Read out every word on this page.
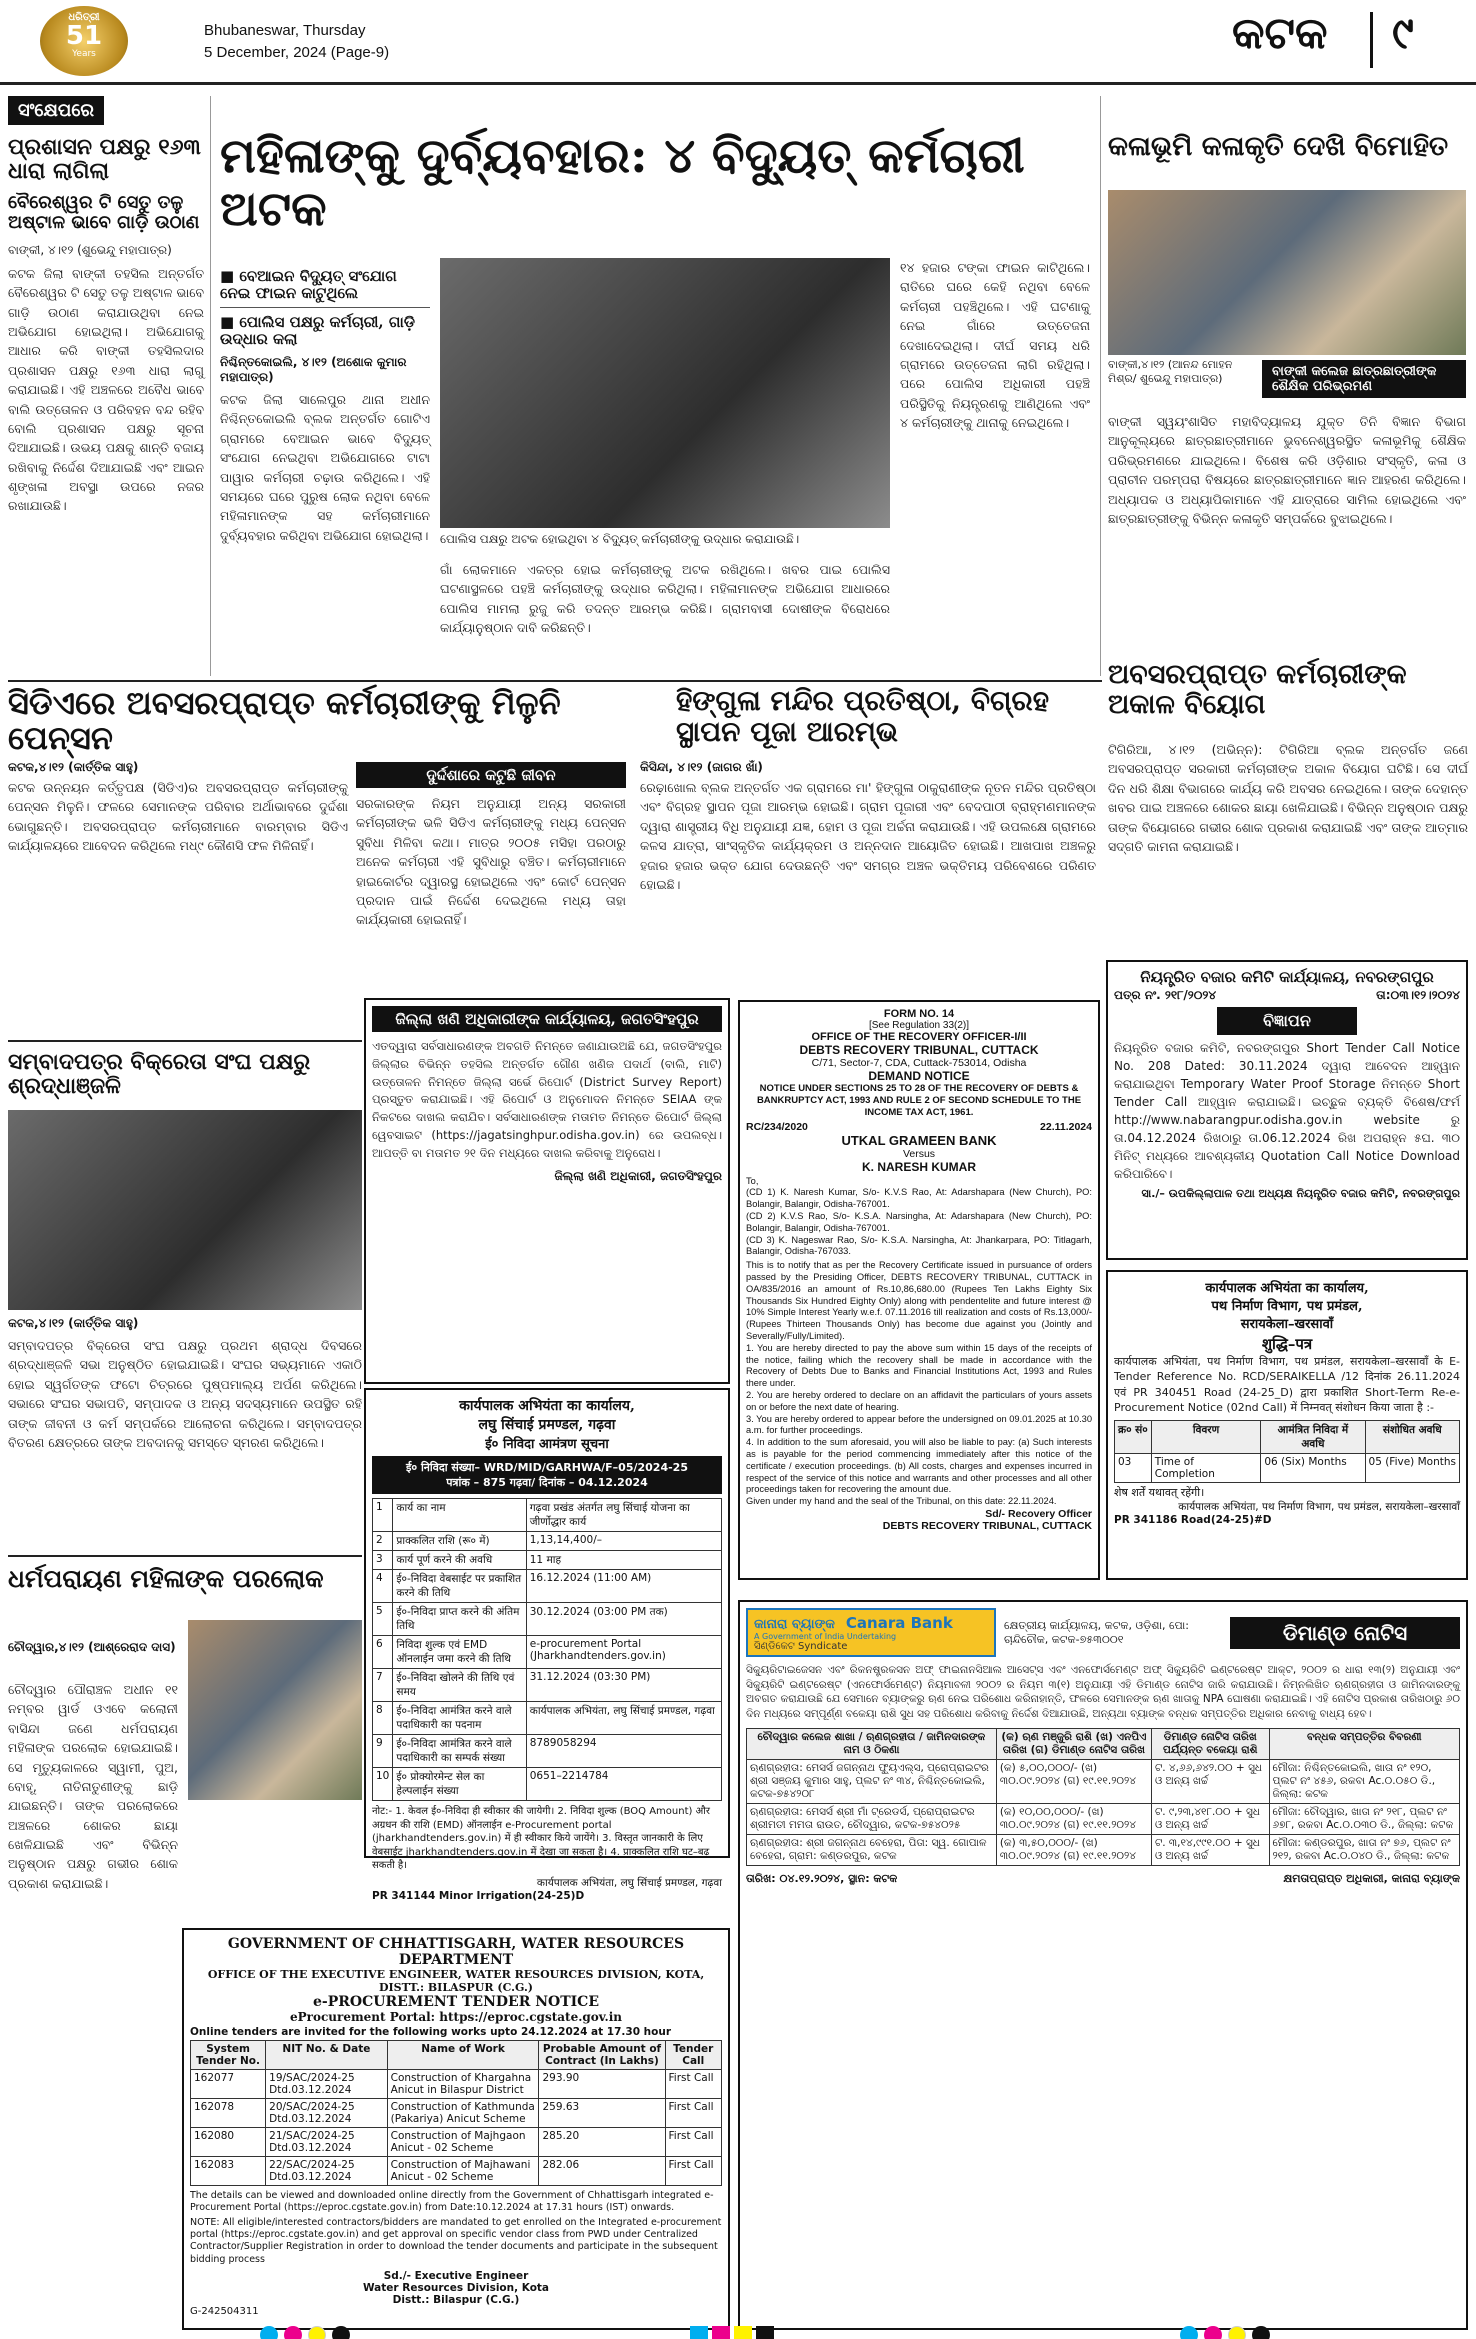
ଧରିତ୍ରୀ
51
Years
Bhubaneswar, Thursday
5 December, 2024 (Page-9)	କଟକ ୯
ସଂକ୍ଷେପରେ
ପ୍ରଶାସନ ପକ୍ଷରୁ ୧୬୩ ଧାରା ଲାଗିଲା
ବୈରେଶ୍ୱର ଟି ସେତୁ ତଳୁ ଅଷ୍ଟାଳ ଭାବେ ଗାଡ଼ି ଉଠାଣ
ବାଙ୍କୀ, ୪।୧୨ (ଶୁଭେନ୍ଦୁ ମହାପାତ୍ର)
କଟକ ଜିଲା ବାଙ୍କୀ ତହସିଲ ଅନ୍ତର୍ଗତ ବୈରେଶ୍ୱର ଟି ସେତୁ ତଳୁ ଅଷ୍ଟାଳ ଭାବେ ଗାଡ଼ି ଉଠାଣ କରାଯାଉଥିବା ନେଇ ଅଭିଯୋଗ ହୋଇଥିଲା। ଅଭିଯୋଗକୁ ଆଧାର କରି ବାଙ୍କୀ ତହସିଲଦାର ପ୍ରଶାସନ ପକ୍ଷରୁ ୧୬୩ ଧାରା ଲାଗୁ କରାଯାଇଛି। ଏହି ଅଞ୍ଚଳରେ ଅବୈଧ ଭାବେ ବାଲି ଉତ୍ତୋଳନ ଓ ପରିବହନ ବନ୍ଦ ରହିବ ବୋଲି ପ୍ରଶାସନ ପକ୍ଷରୁ ସୂଚନା ଦିଆଯାଇଛି। ଉଭୟ ପକ୍ଷକୁ ଶାନ୍ତି ବଜାୟ ରଖିବାକୁ ନିର୍ଦ୍ଦେଶ ଦିଆଯାଇଛି ଏବଂ ଆଇନ ଶୃଙ୍ଖଳା ଅବସ୍ଥା ଉପରେ ନଜର ରଖାଯାଉଛି।
ମହିଳାଙ୍କୁ ଦୁର୍ବ୍ୟବହାର: ୪ ବିଦ୍ୟୁତ୍ କର୍ମଚାରୀ ଅଟକ
■ ବେଆଇନ ବିଦ୍ୟୁତ୍ ସଂଯୋଗ ନେଇ ଫାଇନ କାଟୁଥିଲେ
■ ପୋଲିସ ପକ୍ଷରୁ କର୍ମଚାରୀ, ଗାଡ଼ି ଉଦ୍ଧାର କଲା
ନିଶ୍ଚିନ୍ତକୋଇଲି, ୪।୧୨ (ଅଶୋକ କୁମାର ମହାପାତ୍ର)
ପୋଲିସ ପକ୍ଷରୁ ଅଟକ ହୋଇଥିବା ୪ ବିଦ୍ୟୁତ୍ କର୍ମଚାରୀଙ୍କୁ ଉଦ୍ଧାର କରାଯାଉଛି।
କଟକ ଜିଲା ସାଲେପୁର ଥାନା ଅଧୀନ ନିଶ୍ଚିନ୍ତକୋଇଲି ବ୍ଲକ ଅନ୍ତର୍ଗତ ଗୋଟିଏ ଗ୍ରାମରେ ବେଆଇନ ଭାବେ ବିଦ୍ୟୁତ୍ ସଂଯୋଗ ନେଇଥିବା ଅଭିଯୋଗରେ ଟାଟା ପାୱାର କର୍ମଚାରୀ ଚଢ଼ାଉ କରିଥିଲେ। ଏହି ସମୟରେ ଘରେ ପୁରୁଷ ଲୋକ ନଥିବା ବେଳେ ମହିଳାମାନଙ୍କ ସହ କର୍ମଚାରୀମାନେ ଦୁର୍ବ୍ୟବହାର କରିଥିବା ଅଭିଯୋଗ ହୋଇଥିଲା।
ଗାଁ ଲୋକମାନେ ଏକତ୍ର ହୋଇ କର୍ମଚାରୀଙ୍କୁ ଅଟକ ରଖିଥିଲେ। ଖବର ପାଇ ପୋଲିସ ଘଟଣାସ୍ଥଳରେ ପହଞ୍ଚି କର୍ମଚାରୀଙ୍କୁ ଉଦ୍ଧାର କରିଥିଲା। ମହିଳାମାନଙ୍କ ଅଭିଯୋଗ ଆଧାରରେ ପୋଲିସ ମାମଲା ରୁଜୁ କରି ତଦନ୍ତ ଆରମ୍ଭ କରିଛି। ଗ୍ରାମବାସୀ ଦୋଷୀଙ୍କ ବିରୋଧରେ କାର୍ଯ୍ୟାନୁଷ୍ଠାନ ଦାବି କରିଛନ୍ତି।
୧୪ ହଜାର ଟଙ୍କା ଫାଇନ କାଟିଥିଲେ। ରାତିରେ ଘରେ କେହି ନଥିବା ବେଳେ କର୍ମଚାରୀ ପହଞ୍ଚିଥିଲେ। ଏହି ଘଟଣାକୁ ନେଇ ଗାଁରେ ଉତ୍ତେଜନା ଦେଖାଦେଇଥିଲା। ଦୀର୍ଘ ସମୟ ଧରି ଗ୍ରାମରେ ଉତ୍ତେଜନା ଲାଗି ରହିଥିଲା। ପରେ ପୋଲିସ ଅଧିକାରୀ ପହଞ୍ଚି ପରିସ୍ଥିତିକୁ ନିୟନ୍ତ୍ରଣକୁ ଆଣିଥିଲେ ଏବଂ ୪ କର୍ମଚାରୀଙ୍କୁ ଥାନାକୁ ନେଇଥିଲେ।
କଳାଭୂମି କଳାକୃତି ଦେଖି ବିମୋହିତ
ବାଙ୍କୀ,୪।୧୨ (ଆନନ୍ଦ ମୋହନ ମିଶ୍ର/ ଶୁଭେନ୍ଦୁ ମହାପାତ୍ର)	ବାଙ୍କୀ କଲେଜ ଛାତ୍ରଛାତ୍ରୀଙ୍କ ଶୈକ୍ଷିକ ପରିଭ୍ରମଣ
ବାଙ୍କୀ ସ୍ୱୟଂଶାସିତ ମହାବିଦ୍ୟାଳୟ ଯୁକ୍ତ ତିନି ବିଜ୍ଞାନ ବିଭାଗ ଆନୁକୂଲ୍ୟରେ ଛାତ୍ରଛାତ୍ରୀମାନେ ଭୁବନେଶ୍ୱରସ୍ଥିତ କଳାଭୂମିକୁ ଶୈକ୍ଷିକ ପରିଭ୍ରମଣରେ ଯାଇଥିଲେ। ବିଶେଷ କରି ଓଡ଼ିଶାର ସଂସ୍କୃତି, କଳା ଓ ପ୍ରାଚୀନ ପରମ୍ପରା ବିଷୟରେ ଛାତ୍ରଛାତ୍ରୀମାନେ ଜ୍ଞାନ ଆହରଣ କରିଥିଲେ। ଅଧ୍ୟାପକ ଓ ଅଧ୍ୟାପିକାମାନେ ଏହି ଯାତ୍ରାରେ ସାମିଲ ହୋଇଥିଲେ ଏବଂ ଛାତ୍ରଛାତ୍ରୀଙ୍କୁ ବିଭିନ୍ନ କଳାକୃତି ସମ୍ପର୍କରେ ବୁଝାଇଥିଲେ।
ସିଡିଏରେ ଅବସରପ୍ରାପ୍ତ କର୍ମଚାରୀଙ୍କୁ ମିଳୁନି ପେନ୍‌ସନ
କଟକ,୪।୧୨ (କାର୍ତ୍ତିକ ସାହୁ)
କଟକ ଉନ୍ନୟନ କର୍ତ୍ତୃପକ୍ଷ (ସିଡିଏ)ର ଅବସରପ୍ରାପ୍ତ କର୍ମଚାରୀଙ୍କୁ ପେନ୍‌ସନ ମିଳୁନି। ଫଳରେ ସେମାନଙ୍କ ପରିବାର ଅର୍ଥାଭାବରେ ଦୁର୍ଦ୍ଦଶା ଭୋଗୁଛନ୍ତି। ଅବସରପ୍ରାପ୍ତ କର୍ମଚାରୀମାନେ ବାରମ୍ବାର ସିଡିଏ କାର୍ଯ୍ୟାଳୟରେ ଆବେଦନ କରିଥିଲେ ମଧ୍୯ କୌଣସି ଫଳ ମିଳିନାହିଁ।
ଦୁର୍ଦ୍ଦଶାରେ କଟୁଛି ଜୀବନ
ସରକାରଙ୍କ ନିୟମ ଅନୁଯାୟୀ ଅନ୍ୟ ସରକାରୀ କର୍ମଚାରୀଙ୍କ ଭଳି ସିଡିଏ କର୍ମଚାରୀଙ୍କୁ ମଧ୍ୟ ପେନ୍‌ସନ ସୁବିଧା ମିଳିବା କଥା। ମାତ୍ର ୨୦୦୫ ମସିହା ପରଠାରୁ ଅନେକ କର୍ମଚାରୀ ଏହି ସୁବିଧାରୁ ବଞ୍ଚିତ। କର୍ମଚାରୀମାନେ ହାଇକୋର୍ଟର ଦ୍ୱାରସ୍ଥ ହୋଇଥିଲେ ଏବଂ କୋର୍ଟ ପେନ୍‌ସନ ପ୍ରଦାନ ପାଇଁ ନିର୍ଦ୍ଦେଶ ଦେଇଥିଲେ ମଧ୍ୟ ତାହା କାର୍ଯ୍ୟକାରୀ ହୋଇନାହିଁ।
ହିଙ୍ଗୁଳା ମନ୍ଦିର ପ୍ରତିଷ୍ଠା, ବିଗ୍ରହ ସ୍ଥାପନ ପୂଜା ଆରମ୍ଭ
କିସିନ୍ଦା, ୪।୧୨ (ଜାଗର ଖାଁ)
ରେଢ଼ାଖୋଲ ବ୍ଲକ ଅନ୍ତର୍ଗତ ଏକ ଗ୍ରାମରେ ମା' ହିଙ୍ଗୁଳା ଠାକୁରାଣୀଙ୍କ ନୂତନ ମନ୍ଦିର ପ୍ରତିଷ୍ଠା ଏବଂ ବିଗ୍ରହ ସ୍ଥାପନ ପୂଜା ଆରମ୍ଭ ହୋଇଛି। ଗ୍ରାମ ପୂଜାରୀ ଏବଂ ବେଦପାଠୀ ବ୍ରାହ୍ମଣମାନଙ୍କ ଦ୍ୱାରା ଶାସ୍ତ୍ରୀୟ ବିଧି ଅନୁଯାୟୀ ଯଜ୍ଞ, ହୋମ ଓ ପୂଜା ଅର୍ଚ୍ଚନା କରାଯାଉଛି। ଏହି ଉପଲକ୍ଷେ ଗ୍ରାମରେ କଳସ ଯାତ୍ରା, ସାଂସ୍କୃତିକ କାର୍ଯ୍ୟକ୍ରମ ଓ ଅନ୍ନଦାନ ଆୟୋଜିତ ହୋଇଛି। ଆଖପାଖ ଅଞ୍ଚଳରୁ ହଜାର ହଜାର ଭକ୍ତ ଯୋଗ ଦେଉଛନ୍ତି ଏବଂ ସମଗ୍ର ଅଞ୍ଚଳ ଭକ୍ତିମୟ ପରିବେଶରେ ପରିଣତ ହୋଇଛି।
ଅବସରପ୍ରାପ୍ତ କର୍ମଚାରୀଙ୍କ ଅକାଳ ବିୟୋଗ
ଟିଗିରିଆ, ୪।୧୨ (ଅଭିନ୍ନ): ଟିଗିରିଆ ବ୍ଲକ ଅନ୍ତର୍ଗତ ଜଣେ ଅବସରପ୍ରାପ୍ତ ସରକାରୀ କର୍ମଚାରୀଙ୍କ ଅକାଳ ବିୟୋଗ ଘଟିଛି। ସେ ଦୀର୍ଘ ଦିନ ଧରି ଶିକ୍ଷା ବିଭାଗରେ କାର୍ଯ୍ୟ କରି ଅବସର ନେଇଥିଲେ। ତାଙ୍କ ଦେହାନ୍ତ ଖବର ପାଇ ଅଞ୍ଚଳରେ ଶୋକର ଛାୟା ଖେଳିଯାଇଛି। ବିଭିନ୍ନ ଅନୁଷ୍ଠାନ ପକ୍ଷରୁ ତାଙ୍କ ବିୟୋଗରେ ଗଭୀର ଶୋକ ପ୍ରକାଶ କରାଯାଇଛି ଏବଂ ତାଙ୍କ ଆତ୍ମାର ସଦ୍‌ଗତି କାମନା କରାଯାଇଛି।
ସମ୍ବାଦପତ୍ର ବିକ୍ରେତା ସଂଘ ପକ୍ଷରୁ ଶ୍ରଦ୍ଧାଞ୍ଜଳି
କଟକ,୪।୧୨ (କାର୍ତ୍ତିକ ସାହୁ)
ସମ୍ବାଦପତ୍ର ବିକ୍ରେତା ସଂଘ ପକ୍ଷରୁ ପ୍ରଥମ ଶ୍ରାଦ୍ଧ ଦିବସରେ ଶ୍ରଦ୍ଧାଞ୍ଜଳି ସଭା ଅନୁଷ୍ଠିତ ହୋଇଯାଇଛି। ସଂଘର ସଭ୍ୟମାନେ ଏକାଠି ହୋଇ ସ୍ୱର୍ଗତଙ୍କ ଫଟୋ ଚିତ୍ରରେ ପୁଷ୍ପମାଲ୍ୟ ଅର୍ପଣ କରିଥିଲେ। ସଭାରେ ସଂଘର ସଭାପତି, ସମ୍ପାଦକ ଓ ଅନ୍ୟ ସଦସ୍ୟମାନେ ଉପସ୍ଥିତ ରହି ତାଙ୍କ ଜୀବନୀ ଓ କର୍ମ ସମ୍ପର୍କରେ ଆଲୋଚନା କରିଥିଲେ। ସମ୍ବାଦପତ୍ର ବିତରଣ କ୍ଷେତ୍ରରେ ତାଙ୍କ ଅବଦାନକୁ ସମସ୍ତେ ସ୍ମରଣ କରିଥିଲେ।
ଧର୍ମପରାୟଣ ମହିଳାଙ୍କ ପରଲୋକ
ଚୌଦ୍ୱାର,୪।୧୨ (ଆଶ୍ରେରାଦ ଦାସ)
ଚୌଦ୍ୱାର ପୌରାଞ୍ଚଳ ଅଧୀନ ୧୧ ନମ୍ବର ୱାର୍ଡ ଓଏବେ କଲୋନୀ ବାସିନ୍ଦା ଜଣେ ଧର୍ମପରାୟଣ ମହିଳାଙ୍କ ପରଲୋକ ହୋଇଯାଇଛି। ସେ ମୃତ୍ୟୁକାଳରେ ସ୍ୱାମୀ, ପୁଅ, ବୋହୂ, ନାତିନାତୁଣୀଙ୍କୁ ଛାଡ଼ି ଯାଇଛନ୍ତି। ତାଙ୍କ ପରଲୋକରେ ଅଞ୍ଚଳରେ ଶୋକର ଛାୟା ଖେଳିଯାଇଛି ଏବଂ ବିଭିନ୍ନ ଅନୁଷ୍ଠାନ ପକ୍ଷରୁ ଗଭୀର ଶୋକ ପ୍ରକାଶ କରାଯାଇଛି।
ଜିଲ୍ଲା ଖଣି ଅଧିକାରୀଙ୍କ କାର୍ଯ୍ୟାଳୟ, ଜଗତସିଂହପୁର
ଏତଦ୍ୱାରା ସର୍ବସାଧାରଣଙ୍କ ଅବଗତି ନିମନ୍ତେ ଜଣାଯାଉଅଛି ଯେ, ଜଗତସିଂହପୁର ଜିଲ୍ଲାର ବିଭିନ୍ନ ତହସିଲ ଅନ୍ତର୍ଗତ ଗୌଣ ଖଣିଜ ପଦାର୍ଥ (ବାଲି, ମାଟି) ଉତ୍ତୋଳନ ନିମନ୍ତେ ଜିଲ୍ଲା ସର୍ଭେ ରିପୋର୍ଟ (District Survey Report) ପ୍ରସ୍ତୁତ କରାଯାଇଛି। ଏହି ରିପୋର୍ଟ ଓ ଅନୁମୋଦନ ନିମନ୍ତେ SEIAA ଙ୍କ ନିକଟରେ ଦାଖଲ କରାଯିବ। ସର୍ବସାଧାରଣଙ୍କ ମତାମତ ନିମନ୍ତେ ରିପୋର୍ଟ ଜିଲ୍ଲା ୱେବସାଇଟ (https://jagatsinghpur.odisha.gov.in) ରେ ଉପଲବ୍ଧ। ଆପତ୍ତି ବା ମତାମତ ୨୧ ଦିନ ମଧ୍ୟରେ ଦାଖଲ କରିବାକୁ ଅନୁରୋଧ।
ଜିଲ୍ଲା ଖଣି ଅଧିକାରୀ, ଜଗତସିଂହପୁର
कार्यपालक अभियंता का कार्यालय,
लघु सिंचाई प्रमण्डल, गढ़वा
ई० निविदा आमंत्रण सूचना
ई० निविदा संख्या– WRD/MID/GARHWA/F–05/2024-25
पत्रांक – 875 गढ़वा/ दिनांक – 04.12.2024
1	कार्य का नाम	गढ़वा प्रखंड अंतर्गत लघु सिंचाई योजना का जीर्णोद्धार कार्य
2	प्राक्कलित राशि (रू० में)	1,13,14,400/–
3	कार्य पूर्ण करने की अवधि	11 माह
4	ई०-निविदा वेबसाईट पर प्रकाशित करने की तिथि	16.12.2024 (11:00 AM)
5	ई०-निविदा प्राप्त करने की अंतिम तिथि	30.12.2024 (03:00 PM तक)
6	निविदा शुल्क एवं EMD ऑनलाईन जमा करने की तिथि	e-procurement Portal (Jharkhandtenders.gov.in)
7	ई०-निविदा खोलने की तिथि एवं समय	31.12.2024 (03:30 PM)
8	ई०-निविदा आमंत्रित करने वाले पदाधिकारी का पदनाम	कार्यपालक अभियंता, लघु सिंचाई प्रमण्डल, गढ़वा
9	ई०-निविदा आमंत्रित करने वाले पदाधिकारी का सम्पर्क संख्या	8789058294
10	ई० प्रोक्योरमेन्ट सेल का हेल्पलाईन संख्या	0651–2214784
नोट:- 1. केवल ई०-निविदा ही स्वीकार की जायेगी। 2. निविदा शुल्क (BOQ Amount) और अग्रधन की राशि (EMD) ऑनलाईन e-Procurement portal (jharkhandtenders.gov.in) में ही स्वीकार किये जायेंगे। 3. विस्तृत जानकारी के लिए वेबसाईट jharkhandtenders.gov.in में देखा जा सकता है। 4. प्राक्कलित राशि घट–बढ़ सकती है।
कार्यपालक अभियंता, लघु सिंचाई प्रमण्डल, गढ़वा
PR 341144 Minor Irrigation(24-25)D
GOVERNMENT OF CHHATTISGARH, WATER RESOURCES DEPARTMENT
OFFICE OF THE EXECUTIVE ENGINEER, WATER RESOURCES DIVISION, KOTA, DISTT.: BILASPUR (C.G.)
e-PROCUREMENT TENDER NOTICE
eProcurement Portal: https://eproc.cgstate.gov.in
Online tenders are invited for the following works upto 24.12.2024 at 17.30 hour
System Tender No.	NIT No. & Date	Name of Work	Probable Amount of Contract (In Lakhs)	Tender Call
162077	19/SAC/2024-25 Dtd.03.12.2024	Construction of Khargahna Anicut in Bilaspur District	293.90	First Call
162078	20/SAC/2024-25 Dtd.03.12.2024	Construction of Kathmunda (Pakariya) Anicut Scheme	259.63	First Call
162080	21/SAC/2024-25 Dtd.03.12.2024	Construction of Majhgaon Anicut - 02 Scheme	285.20	First Call
162083	22/SAC/2024-25 Dtd.03.12.2024	Construction of Majhawani Anicut - 02 Scheme	282.06	First Call
The details can be viewed and downloaded online directly from the Government of Chhattisgarh integrated e-Procurement Portal (https://eproc.cgstate.gov.in) from Date:10.12.2024 at 17.31 hours (IST) onwards.
NOTE: All eligible/interested contractors/bidders are mandated to get enrolled on the Integrated e-procurement portal (https://eproc.cgstate.gov.in) and get approval on specific vendor class from PWD under Centralized Contractor/Supplier Registration in order to download the tender documents and participate in the subsequent bidding process
Sd./- Executive Engineer
Water Resources Division, Kota
Distt.: Bilaspur (C.G.)
G-242504311
FORM NO. 14
[See Regulation 33(2)]
OFFICE OF THE RECOVERY OFFICER-I/II
DEBTS RECOVERY TRIBUNAL, CUTTACK
C/71, Sector-7, CDA, Cuttack-753014, Odisha
DEMAND NOTICE
NOTICE UNDER SECTIONS 25 TO 28 OF THE RECOVERY OF DEBTS & BANKRUPTCY ACT, 1993 AND RULE 2 OF SECOND SCHEDULE TO THE INCOME TAX ACT, 1961.
RC/234/2020	22.11.2024
UTKAL GRAMEEN BANK
Versus
K. NARESH KUMAR
To,
(CD 1) K. Naresh Kumar, S/o- K.V.S Rao, At: Adarshapara (New Church), PO: Bolangir, Balangir, Odisha-767001.
(CD 2) K.V.S Rao, S/o- K.S.A. Narsingha, At: Adarshapara (New Church), PO: Bolangir, Balangir, Odisha-767001.
(CD 3) K. Nageswar Rao, S/o- K.S.A. Narsingha, At: Jhankarpara, PO: Titlagarh, Balangir, Odisha-767033.
This is to notify that as per the Recovery Certificate issued in pursuance of orders passed by the Presiding Officer, DEBTS RECOVERY TRIBUNAL, CUTTACK in OA/835/2016 an amount of Rs.10,86,680.00 (Rupees Ten Lakhs Eighty Six Thousands Six Hundred Eighty Only) along with pendentelite and future interest @ 10% Simple Interest Yearly w.e.f. 07.11.2016 till realization and costs of Rs.13,000/- (Rupees Thirteen Thousands Only) has become due against you (Jointly and Severally/Fully/Limited).
1. You are hereby directed to pay the above sum within 15 days of the receipts of the notice, failing which the recovery shall be made in accordance with the Recovery of Debts Due to Banks and Financial Institutions Act, 1993 and Rules there under.
2. You are hereby ordered to declare on an affidavit the particulars of yours assets on or before the next date of hearing.
3. You are hereby ordered to appear before the undersigned on 09.01.2025 at 10.30 a.m. for further proceedings.
4. In addition to the sum aforesaid, you will also be liable to pay: (a) Such interests as is payable for the period commencing immediately after this notice of the certificate / execution proceedings. (b) All costs, charges and expenses incurred in respect of the service of this notice and warrants and other processes and all other proceedings taken for recovering the amount due.
Given under my hand and the seal of the Tribunal, on this date: 22.11.2024.
Sd/- Recovery Officer
DEBTS RECOVERY TRIBUNAL, CUTTACK
ନିୟନ୍ତ୍ରିତ ବଜାର କମିଟି କାର୍ଯ୍ୟାଳୟ, ନବରଙ୍ଗପୁର
ପତ୍ର ନଂ. ୨୧୮/୨୦୨୪	ତା:୦୩।୧୨।୨୦୨୪
ବିଜ୍ଞାପନ
ନିୟନ୍ତ୍ରିତ ବଜାର କମିଟି, ନବରଙ୍ଗପୁର Short Tender Call Notice No. 208 Dated: 30.11.2024 ଦ୍ୱାରା ଆବେଦନ ଆହ୍ୱାନ କରାଯାଇଥିବା Temporary Water Proof Storage ନିମନ୍ତେ Short Tender Call ଆହ୍ୱାନ କରାଯାଇଛି। ଇଚ୍ଛୁକ ବ୍ୟକ୍ତି ବିଶେଷ/ଫର୍ମ http://www.nabarangpur.odisha.gov.in website ରୁ ତା.04.12.2024 ରିଖଠାରୁ ତା.06.12.2024 ରିଖ ଅପରାହ୍ନ ୫ଘ. ୩୦ ମିନିଟ୍ ମଧ୍ୟରେ ଆବଶ୍ୟକୀୟ Quotation Call Notice Download କରିପାରିବେ।
ସା./– ଉପକିଲ୍ଲାପାଳ ତଥା ଅଧ୍ୟକ୍ଷ ନିୟନ୍ତ୍ରିତ ବଜାର କମିଟି, ନବରଙ୍ଗପୁର
कार्यपालक अभियंता का कार्यालय,
पथ निर्माण विभाग, पथ प्रमंडल,
सरायकेला–खरसावाँ
शुद्धि–पत्र
कार्यपालक अभियंता, पथ निर्माण विभाग, पथ प्रमंडल, सरायकेला–खरसावाँ के E- Tender Reference No. RCD/SERAIKELLA /12 दिनांक 26.11.2024 एवं PR 340451 Road (24-25_D) द्वारा प्रकाशित Short-Term Re-e-Procurement Notice (02nd Call) में निम्नवत् संशोधन किया जाता है :-
क्र० सं०	विवरण	आमंत्रित निविदा में अवधि	संशोधित अवधि
03	Time of Completion	06 (Six) Months	05 (Five) Months
शेष शर्तें यथावत् रहेंगी।
कार्यपालक अभियंता, पथ निर्माण विभाग, पथ प्रमंडल, सरायकेला–खरसावाँ
PR 341186 Road(24-25)#D
କାନାରା ବ୍ୟାଙ୍କ Canara Bank
A Government of India Undertaking
ସିଣ୍ଡିକେଟ Syndicate
କ୍ଷେତ୍ରୀୟ କାର୍ଯ୍ୟାଳୟ, କଟକ, ଓଡ଼ିଶା, ପୋ: ଚାନ୍ଦିଚୌକ, କଟକ-୭୫୩୦୦୧	ଡିମାଣ୍ଡ ନୋଟିସ
ସିକ୍ୟୁରିଟାଇଜେସନ ଏବଂ ରିକନଷ୍ଟ୍ରକସନ ଅଫ୍ ଫାଇନାନସିଆଲ ଆସେଟ୍ସ ଏବଂ ଏନଫୋର୍ସମେଣ୍ଟ ଅଫ୍ ସିକ୍ୟୁରିଟି ଇଣ୍ଟରେଷ୍ଟ ଆକ୍ଟ, ୨୦୦୨ ର ଧାରା ୧୩(୨) ଅନୁଯାୟୀ ଏବଂ ସିକ୍ୟୁରିଟି ଇଣ୍ଟରେଷ୍ଟ (ଏନଫୋର୍ସମେଣ୍ଟ) ନିୟମାବଳୀ ୨୦୦୨ ର ନିୟମ ୩(୧) ଅନୁଯାୟୀ ଏହି ଡିମାଣ୍ଡ ନୋଟିସ ଜାରି କରାଯାଉଛି। ନିମ୍ନଲିଖିତ ଋଣଗ୍ରହୀତା ଓ ଜାମିନଦାରଙ୍କୁ ଅବଗତ କରାଯାଉଛି ଯେ ସେମାନେ ବ୍ୟାଙ୍କରୁ ଋଣ ନେଇ ପରିଶୋଧ କରିନାହାନ୍ତି, ଫଳରେ ସେମାନଙ୍କ ଋଣ ଖାତାକୁ NPA ଘୋଷଣା କରାଯାଇଛି। ଏହି ନୋଟିସ ପ୍ରକାଶ ତାରିଖଠାରୁ ୬୦ ଦିନ ମଧ୍ୟରେ ସମ୍ପୂର୍ଣ୍ଣ ବକେୟା ରାଶି ସୁଧ ସହ ପରିଶୋଧ କରିବାକୁ ନିର୍ଦ୍ଦେଶ ଦିଆଯାଉଛି, ଅନ୍ୟଥା ବ୍ୟାଙ୍କ ବନ୍ଧକ ସମ୍ପତ୍ତିର ଅଧିକାର ନେବାକୁ ବାଧ୍ୟ ହେବ।
ଚୌଦ୍ୱାର କଲେଜ ଶାଖା / ଋଣଗ୍ରହୀତା / ଜାମିନଦାରଙ୍କ ନାମ ଓ ଠିକଣା	(କ) ଋଣ ମଞ୍ଜୁରି ରାଶି (ଖ) ଏନପିଏ ତାରିଖ (ଗ) ଡିମାଣ୍ଡ ନୋଟିସ ତାରିଖ	ଡିମାଣ୍ଡ ନୋଟିସ ତାରିଖ ପର୍ଯ୍ୟନ୍ତ ବକେୟା ରାଶି	ବନ୍ଧକ ସମ୍ପତ୍ତିର ବିବରଣୀ
ଋଣଗ୍ରହୀତା: ମେସର୍ସ ଜଗନ୍ନାଥ ଫ୍ୟୁଏଲ୍ସ, ପ୍ରୋପ୍ରାଇଟର ଶ୍ରୀ ସଞ୍ଜୟ କୁମାର ସାହୁ, ପ୍ଲଟ ନଂ ୩୪, ନିଶ୍ଚିନ୍ତକୋଇଲି, କଟକ-୭୫୪୨୦୮	(କ) ୫,୦୦,୦୦୦/- (ଖ) ୩୦.୦୯.୨୦୨୪ (ଗ) ୧୯.୧୧.୨୦୨୪	ଟ. ୪,୬୬,୬୪୨.୦୦ + ସୁଧ ଓ ଅନ୍ୟ ଖର୍ଚ୍ଚ	ମୌଜା: ନିଶ୍ଚିନ୍ତକୋଇଲି, ଖାତା ନଂ ୧୨୦, ପ୍ଲଟ ନଂ ୪୫୬, ରକବା Ac.୦.୦୫୦ ଡି., ଜିଲ୍ଲା: କଟକ
ଋଣଗ୍ରହୀତା: ମେସର୍ସ ଶ୍ରୀ ମାଁ ଟ୍ରେଡର୍ସ, ପ୍ରୋପ୍ରାଇଟର ଶ୍ରୀମତୀ ମମତା ରାଉତ, ଚୌଦ୍ୱାର, କଟକ-୭୫୪୦୨୫	(କ) ୧୦,୦୦,୦୦୦/- (ଖ) ୩୦.୦୯.୨୦୨୪ (ଗ) ୧୯.୧୧.୨୦୨୪	ଟ. ୯,୨୩,୪୧୮.୦୦ + ସୁଧ ଓ ଅନ୍ୟ ଖର୍ଚ୍ଚ	ମୌଜା: ଚୌଦ୍ୱାର, ଖାତା ନଂ ୨୧୮, ପ୍ଲଟ ନଂ ୬୭୮, ରକବା Ac.୦.୦୩୦ ଡି., ଜିଲ୍ଲା: କଟକ
ଋଣଗ୍ରହୀତା: ଶ୍ରୀ ଜଗନ୍ନାଥ ବେହେରା, ପିତା: ସ୍ୱ. ଗୋପାଳ ବେହେରା, ଗ୍ରାମ: କଣ୍ଡରପୁର, କଟକ	(କ) ୩,୫୦,୦୦୦/- (ଖ) ୩୦.୦୯.୨୦୨୪ (ଗ) ୧୯.୧୧.୨୦୨୪	ଟ. ୩,୧୪,୯୯୧.୦୦ + ସୁଧ ଓ ଅନ୍ୟ ଖର୍ଚ୍ଚ	ମୌଜା: କଣ୍ଡରପୁର, ଖାତା ନଂ ୭୬, ପ୍ଲଟ ନଂ ୨୧୨, ରକବା Ac.୦.୦୪୦ ଡି., ଜିଲ୍ଲା: କଟକ
ତାରିଖ: ୦୪.୧୨.୨୦୨୪, ସ୍ଥାନ: କଟକ	କ୍ଷମତାପ୍ରାପ୍ତ ଅଧିକାରୀ, କାନାରା ବ୍ୟାଙ୍କ
